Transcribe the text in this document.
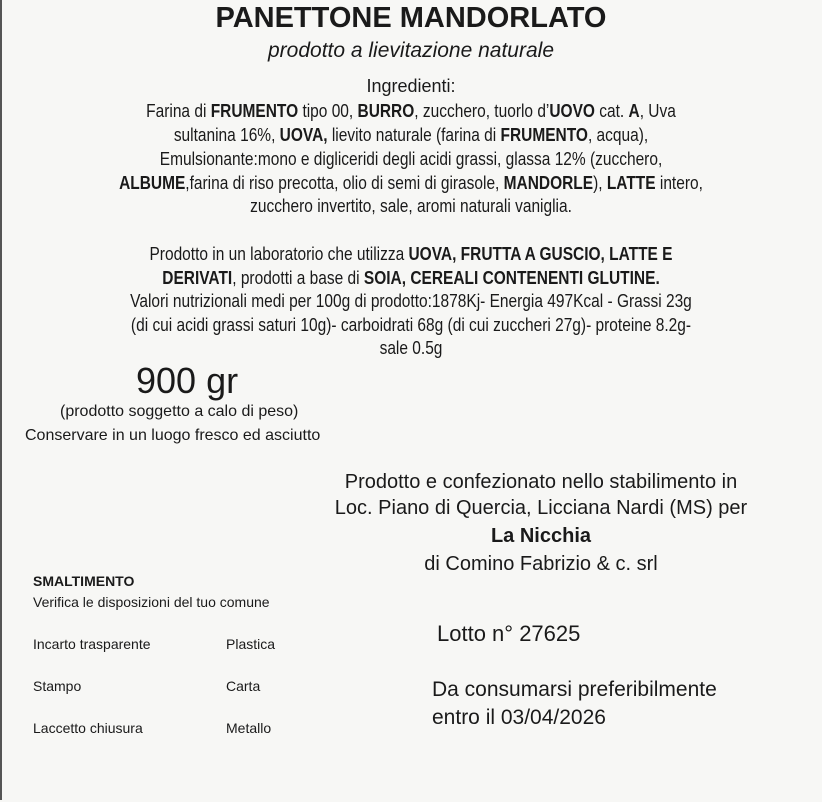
PANETTONE MANDORLATO
prodotto a lievitazione naturale
Ingredienti:
Farina di FRUMENTO tipo 00, BURRO, zucchero, tuorlo d’UOVO cat. A, Uva
sultanina 16%, UOVA, lievito naturale (farina di FRUMENTO, acqua),
Emulsionante:mono e digliceridi degli acidi grassi, glassa 12% (zucchero,
ALBUME,farina di riso precotta, olio di semi di girasole, MANDORLE), LATTE intero,
zucchero invertito, sale, aromi naturali vaniglia.
Prodotto in un laboratorio che utilizza UOVA, FRUTTA A GUSCIO, LATTE E
DERIVATI, prodotti a base di SOIA, CEREALI CONTENENTI GLUTINE.
Valori nutrizionali medi per 100g di prodotto:1878Kj- Energia 497Kcal - Grassi 23g
(di cui acidi grassi saturi 10g)- carboidrati 68g (di cui zuccheri 27g)- proteine 8.2g-
sale 0.5g
900 gr
(prodotto soggetto a calo di peso)
Conservare in un luogo fresco ed asciutto
Prodotto e confezionato nello stabilimento in
Loc. Piano di Quercia, Licciana Nardi (MS) per
La Nicchia
di Comino Fabrizio & c. srl
SMALTIMENTO
Verifica le disposizioni del tuo comune
Incarto trasparente	Plastica
Stampo	Carta
Laccetto chiusura	Metallo
Lotto n° 27625
Da consumarsi preferibilmente
entro il 03/04/2026
